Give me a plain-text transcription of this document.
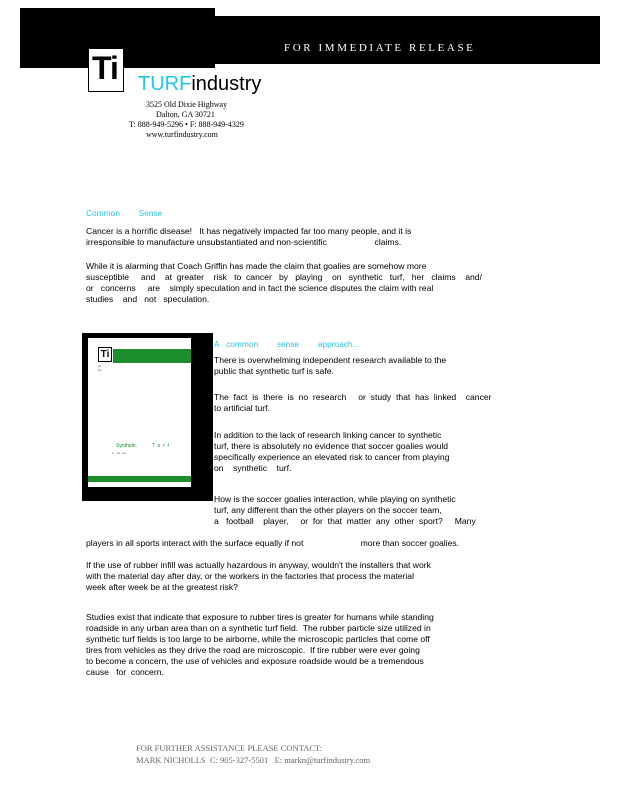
FOR IMMEDIATE RELEASE
Ti TURFindustry
3525 Old Dixie Highway
Dalton, GA 30721
T: 888-949-5296 • F: 888-949-4329
www.turfindustry.com
Common        Sense
Cancer is a horrific disease!   It has negatively impacted far too many people, and it is
irresponsible to manufacture unsubstantiated and non-scientific                    claims.
While it is alarming that Coach Griffin has made the claim that goalies are somehow more
susceptible     and    at  greater    risk   to  cancer   by   playing    on   synthetic   turf,   her   claims    and/
or   concerns     are    simply speculation and in fact the science disputes the claim with real
studies    and   not   speculation.
Ti
▪▪▪
▪▪▪
Synthetic           T  u  r  f
▪▪   ▪▪▪   ▪▪▪
A   common        sense        approach...
There is overwhelming independent research available to the
public that synthetic turf is safe.
The  fact  is  there  is  no  research     or  study  that  has  linked    cancer
to artificial turf.
In addition to the lack of research linking cancer to synthetic
turf, there is absolutely no evidence that soccer goalies would
specifically experience an elevated risk to cancer from playing
on    synthetic    turf.
How is the soccer goalies interaction, while playing on synthetic
turf, any different than the other players on the soccer team,
a   football    player,     or  for  that  matter  any  other  sport?     Many
players in all sports interact with the surface equally if not                        more than soccer goalies.
If the use of rubber infill was actually hazardous in anyway, wouldn't the installers that work
with the material day after day, or the workers in the factories that process the material
week after week be at the greatest risk?
Studies exist that indicate that exposure to rubber tires is greater for humans while standing
roadside in any urban area than on a synthetic turf field.  The rubber particle size utilized in
synthetic turf fields is too large to be airborne, while the microscopic particles that come off
tires from vehicles as they drive the road are microscopic.  If tire rubber were ever going
to become a concern, the use of vehicles and exposure roadside would be a tremendous
cause   for  concern.
FOR FURTHER ASSISTANCE PLEASE CONTACT:
MARK NICHOLLS  C: 905-327-5501   E: markn@turfindustry.com
